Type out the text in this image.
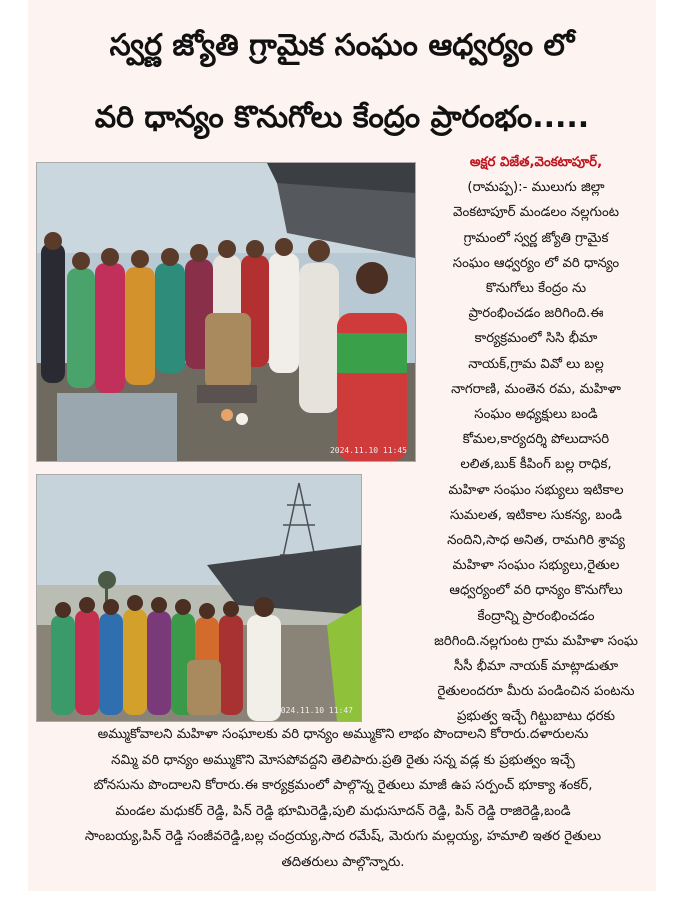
స్వర్ణ జ్యోతి గ్రామైక సంఘం ఆధ్వర్యం లో
వరి ధాన్యం కొనుగోలు కేంద్రం ప్రారంభం.....
2024.11.10 11:45
2024.11.10 11:47

అక్షర విజేత,వెంకటాపూర్,

(రామప్ప):- ములుగు జిల్లా

వెంకటాపూర్ మండలం నల్లగుంట

గ్రామంలో స్వర్ణ జ్యోతి గ్రామైక

సంఘం ఆధ్వర్యం లో వరి ధాన్యం

కొనుగోలు కేంద్రం ను

ప్రారంభించడం జరిగింది.ఈ

కార్యక్రమంలో సిసి భీమా

నాయక్,గ్రామ వివో లు బల్ల

నాగరాణి, మంతెన రమ, మహిళా

సంఘం అధ్యక్షులు బండి

కోమల,కార్యదర్శి పోలుదాసరి

లలిత,బుక్ కీపింగ్ బల్ల రాధిక,

మహిళా సంఘం సభ్యులు ఇటికాల

సుమలత, ఇటికాల సుకన్య, బండి

నందిని,సాధ అనిత, రామగిరి శ్రావ్య

మహిళా సంఘం సభ్యులు,రైతుల

ఆధ్వర్యంలో వరి ధాన్యం కొనుగోలు

కేంద్రాన్ని ప్రారంభించడం

జరిగింది.నల్లగుంట గ్రామ మహిళా సంఘ

సీసీ భీమా నాయక్ మాట్లాడుతూ

రైతులందరూ మీరు పండించిన పంటను

ప్రభుత్వ ఇచ్చే గిట్టుబాటు ధరకు

అమ్ముకోవాలని మహిళా సంఘాలకు వరి ధాన్యం అమ్ముకొని లాభం పొందాలని కోరారు.దళారులను

నమ్మి వరి ధాన్యం అమ్ముకొని మోసపోవద్దని తెలిపారు.ప్రతి రైతు సన్న వడ్ల కు ప్రభుత్వం ఇచ్చే

బోనసును పొందాలని కోరారు.ఈ కార్యక్రమంలో పాల్గొన్న రైతులు మాజీ ఉప సర్పంచ్ భూక్యా శంకర్,

మండల మధుకర్ రెడ్డి, పిన్ రెడ్డి భూమిరెడ్డి,పులి మధుసూదన్ రెడ్డి, పిన్ రెడ్డి రాజిరెడ్డి,బండి

సాంబయ్య,పిన్ రెడ్డి సంజీవరెడ్డి,బల్ల చంద్రయ్య,సాద రమేష్, మెరుగు మల్లయ్య, హమాలి ఇతర రైతులు

తదితరులు పాల్గొన్నారు.
